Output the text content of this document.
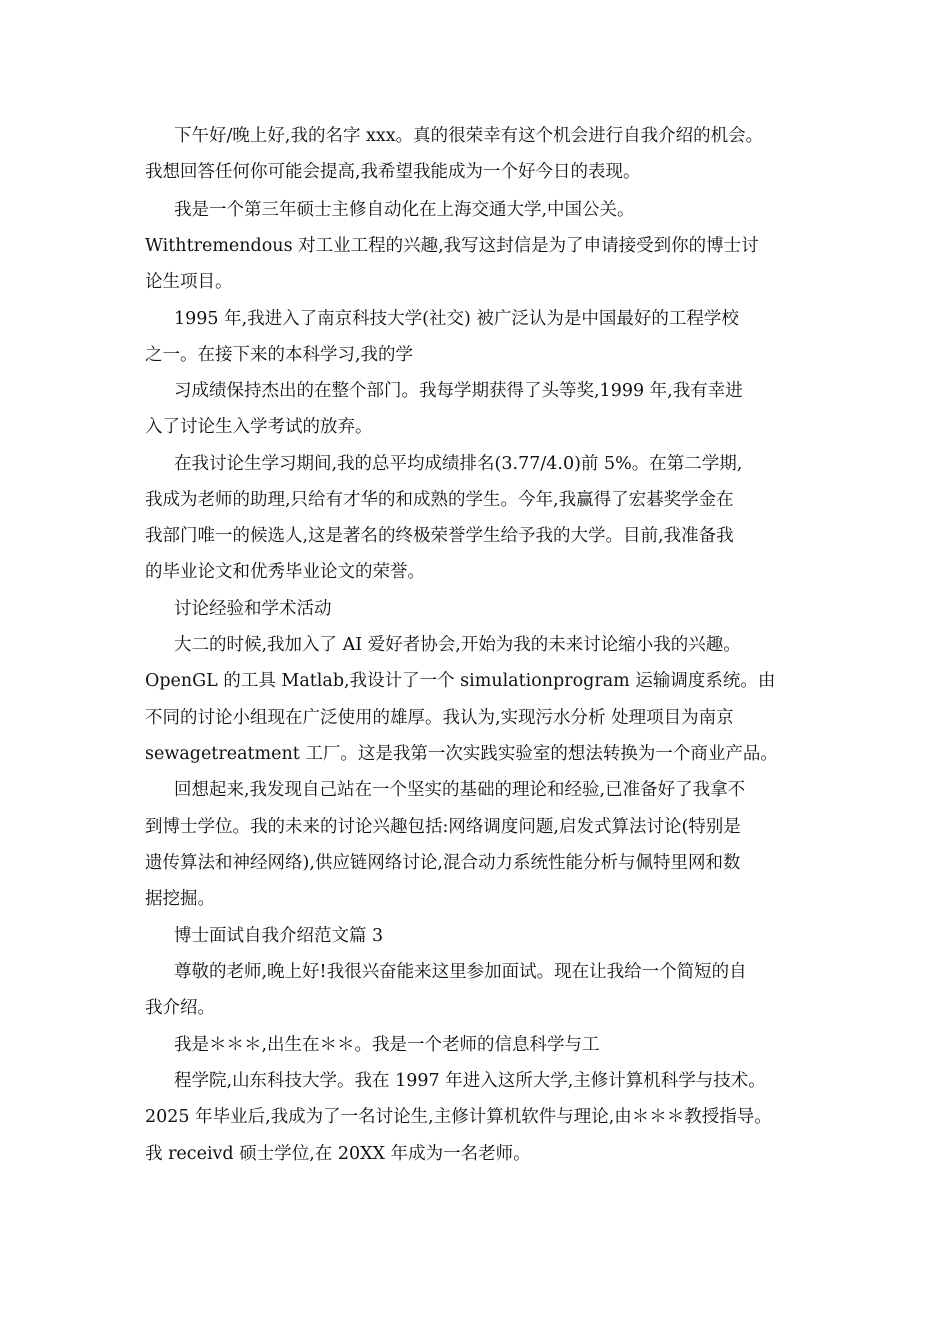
下午好/晚上好,我的名字 xxx。真的很荣幸有这个机会进行自我介绍的机会。
我想回答任何你可能会提高,我希望我能成为一个好今日的表现。
我是一个第三年硕士主修自动化在上海交通大学,中国公关。
Withtremendous 对工业工程的兴趣,我写这封信是为了申请接受到你的博士讨
论生项目。
1995 年,我进入了南京科技大学(社交) 被广泛认为是中国最好的工程学校
之一。在接下来的本科学习,我的学
习成绩保持杰出的在整个部门。我每学期获得了头等奖,1999 年,我有幸进
入了讨论生入学考试的放弃。
在我讨论生学习期间,我的总平均成绩排名(3.77/4.0)前 5%。在第二学期,
我成为老师的助理,只给有才华的和成熟的学生。今年,我赢得了宏碁奖学金在
我部门唯一的候选人,这是著名的终极荣誉学生给予我的大学。目前,我准备我
的毕业论文和优秀毕业论文的荣誉。
讨论经验和学术活动
大二的时候,我加入了 AI 爱好者协会,开始为我的未来讨论缩小我的兴趣。
OpenGL 的工具 Matlab,我设计了一个 simulationprogram 运输调度系统。由
不同的讨论小组现在广泛使用的雄厚。我认为,实现污水分析 处理项目为南京
sewagetreatment 工厂。这是我第一次实践实验室的想法转换为一个商业产品。
回想起来,我发现自己站在一个坚实的基础的理论和经验,已准备好了我拿不
到博士学位。我的未来的讨论兴趣包括:网络调度问题,启发式算法讨论(特别是
遗传算法和神经网络),供应链网络讨论,混合动力系统性能分析与佩特里网和数
据挖掘。
博士面试自我介绍范文篇 3
尊敬的老师,晚上好!我很兴奋能来这里参加面试。现在让我给一个简短的自
我介绍。
我是＊＊＊,出生在＊＊。我是一个老师的信息科学与工
程学院,山东科技大学。我在 1997 年进入这所大学,主修计算机科学与技术。
2025 年毕业后,我成为了一名讨论生,主修计算机软件与理论,由＊＊＊教授指导。
我 receivd 硕士学位,在 20XX 年成为一名老师。
